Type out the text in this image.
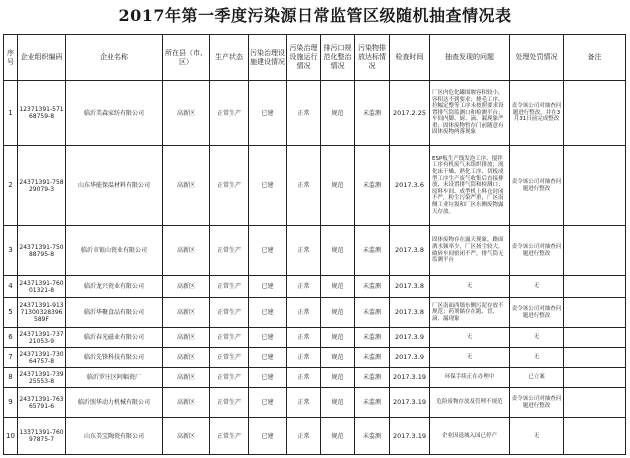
2017年第一季度污染源日常监管区级随机抽查情况表
序号	企业组织编码	企业名称	所在县（市、区）	生产状态	污染治理设施建设情况	污染治理设施运行情况	排污口规范化整治情况	污染物排放达标情况	检查时间	抽查发现的问题	处理处罚情况	备注
1	12371391-57168759-8	临沂美森家纺有限公司	高新区	正常生产	已建	正常	规范	未监测	2017.2.25	厂区内危化罐围堰容积较小，容积达不到要求；烧毛工序、拉幅定整等工序未按照要求设置排气筒监测口和检测平台；车间内脚、厨、滴、漏现象严重；固体废物暂存门前随意有固体废物两落现象	责令该公司对抽查问题进行整改，并在3月31日前完成整改	
2	24371391-75829079-3	山东华能保温材料有限公司	高新区	正常生产	已建	正常	规范	未监测	2017.3.6	ESP板生产线发泡工序、搅拌工序有机废气未组织排放；流化床干燥、熟化工序、切板成型工序生产废气收集后直接排放，未设置排气筒和检测口；原料车间、成型机上料仓封闭不严，粉尘污染严重，厂区南侧工业垃圾和厂区东侧废物露天存放。	责令该公司对抽查问题进行整改	
3	24371391-75088795-8	临沂市银山瓷业有限公司	高新区	正常生产	已建	正常	规范	未监测	2017.3.8	固体废物存在露天现象，路面洒水频率少，厂区扬尘较大，破碎车间密闭不严，排气筒无监测平台	责令该公司对抽查问题进行整改	
4	24371391-76001321-8	临沂龙兴瓷业有限公司	高新区	正常生产	已建	正常	规范	未监测	2017.3.8	无	无	
5	24371391-91371300328396589F	临沂华聚食品有限公司	高新区	正常生产	已建	正常	规范	未监测	2017.3.8	厂区南面西墙东侧污泥存放不规范；药剂储存在跑、冒、滴、漏现象	责令该公司对抽查问题进行整改	
6	24371391-73721053-9	临沂春光磁业有限公司	高新区	正常生产	已建	正常	规范	未监测	2017.3.9	无	无	
7	24371391-73064757-8	临沂先锋科技有限公司	高新区	正常生产	已建	正常	规范	未监测	2017.3.9	无	无	
8	24371391-73925553-8	临沂罗庄区阿幅瓷厂	高新区	正常生产	已建	正常	规范	未监测	2017.3.19	环保手续正在办理中	已立案	
9	24371391-76365791-6	临沂照华动力机械有限公司	高新区	正常生产	已建	正常	规范	未监测	2017.3.19	危险废物存放及管理不规范	责令该公司对抽查问题进行整改	
10	13371391-76097875-7	山东美宝陶瓷有限公司	高新区	正常生产	已建	正常	规范	未监测	2017.3.19	企业因退城入园已停产	无	
